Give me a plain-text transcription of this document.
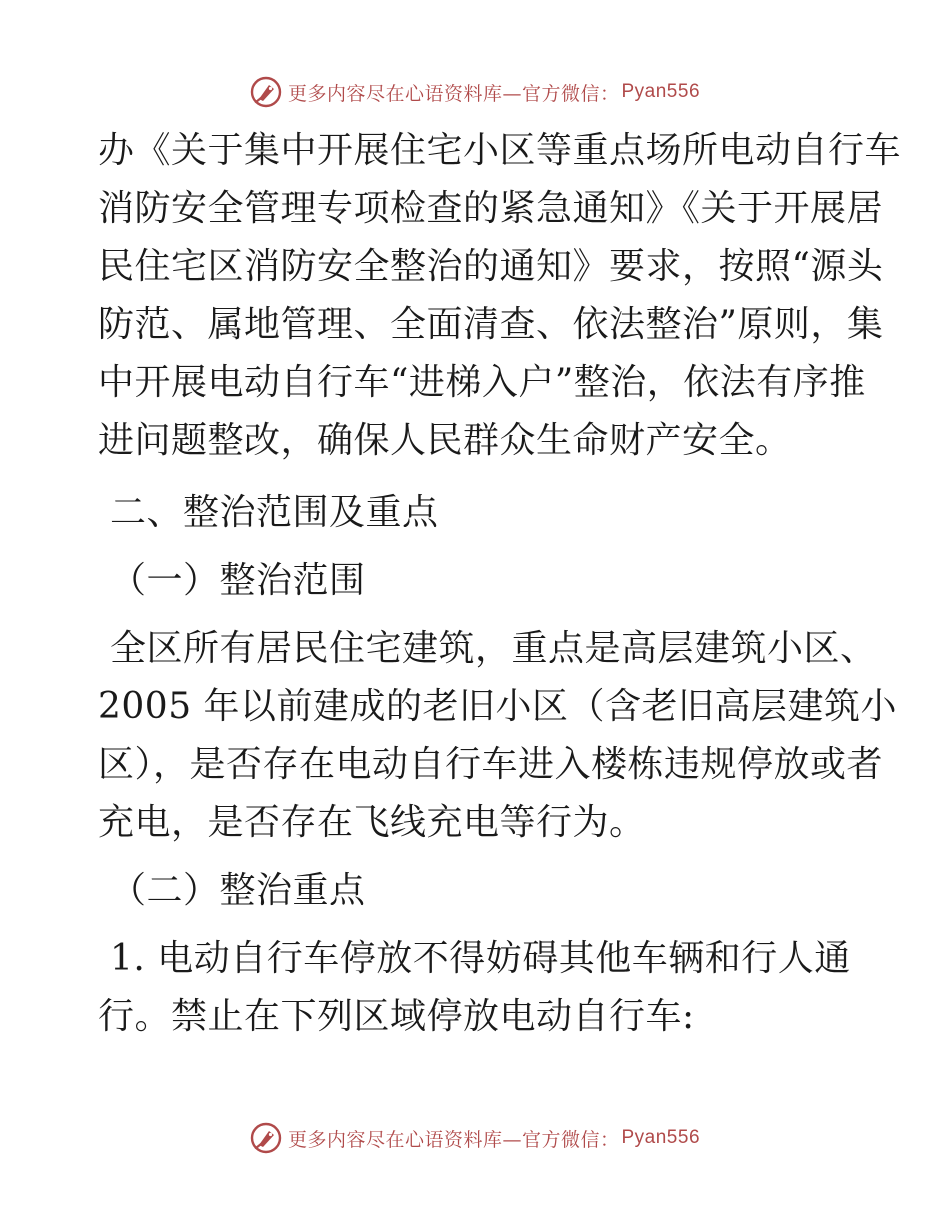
更多内容尽在心语资料库—官方微信： Pyan556

办《关于集中开展住宅小区等重点场所电动自行车

消防安全管理专项检查的紧急通知》《关于开展居

民住宅区消防安全整治的通知》要求，按照“源头

防范、属地管理、全面清查、依法整治”原则，集

中开展电动自行车“进梯入户”整治，依法有序推

进问题整改，确保人民群众生命财产安全。

二、整治范围及重点

（一）整治范围

全区所有居民住宅建筑，重点是高层建筑小区、

2005 年以前建成的老旧小区（含老旧高层建筑小

区），是否存在电动自行车进入楼栋违规停放或者

充电，是否存在飞线充电等行为。

（二）整治重点

1. 电动自行车停放不得妨碍其他车辆和行人通

行。禁止在下列区域停放电动自行车:

更多内容尽在心语资料库—官方微信： Pyan556
